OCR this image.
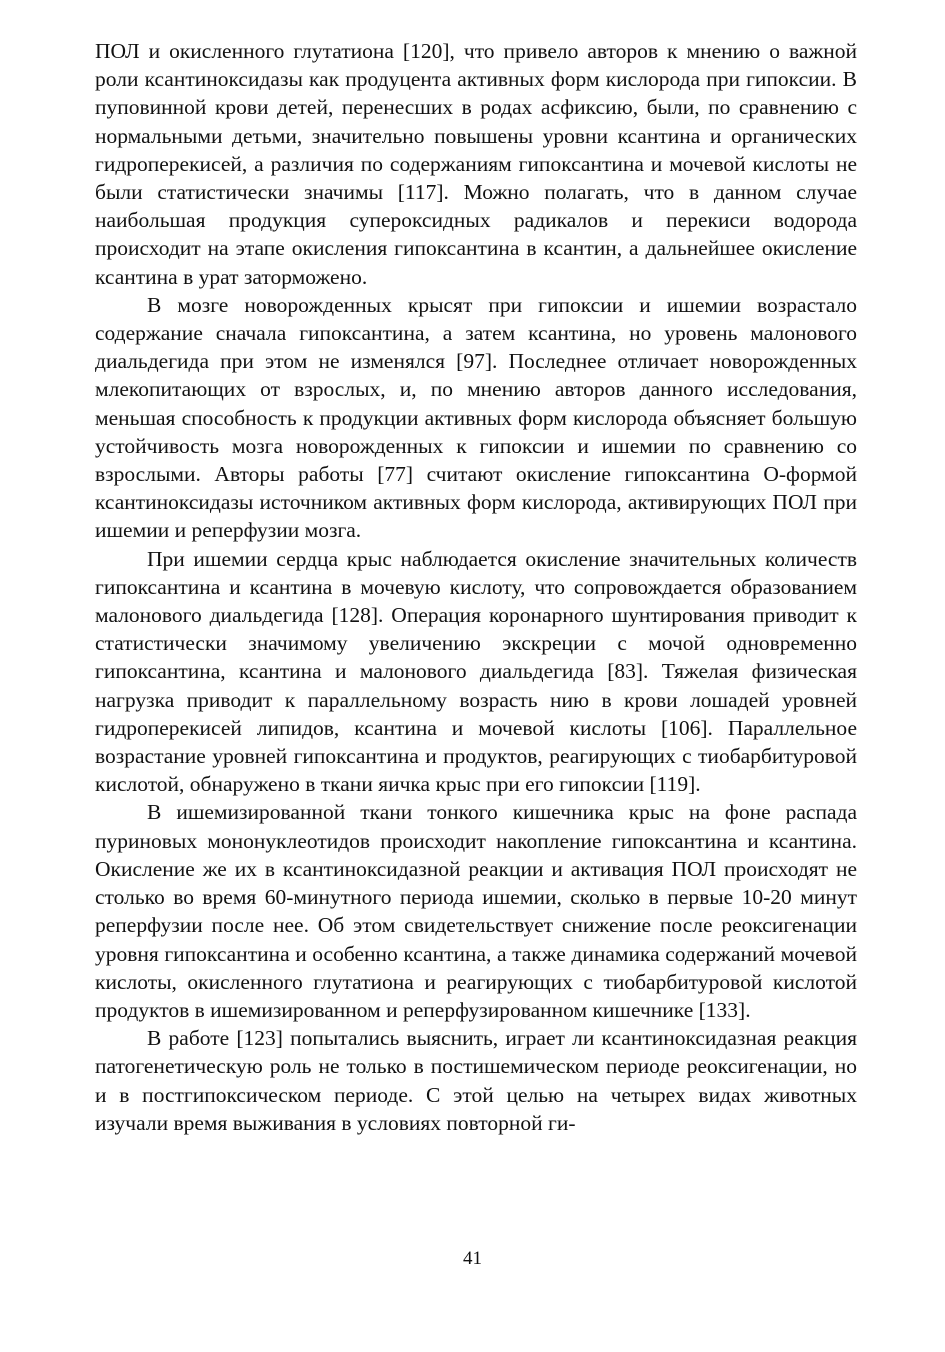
ПОЛ и окисленного глутатиона [120], что привело авторов к мнению о важной роли ксантиноксидазы как продуцента активных форм кислорода при гипоксии. В пуповинной крови детей, перенесших в родах асфиксию, были, по сравнению с нормальными детьми, значительно повышены уровни ксантина и органических гидроперекисей, а различия по содержаниям гипоксантина и мочевой кислоты не были статистически значимы [117]. Можно полагать, что в данном случае наибольшая продукция супероксидных радикалов и перекиси водорода происходит на этапе окисления гипоксантина в ксантин, а дальнейшее окисление ксантина в урат заторможено.

В мозге новорожденных крысят при гипоксии и ишемии возрастало содержание сначала гипоксантина, а затем ксантина, но уровень малонового диальдегида при этом не изменялся [97]. Последнее отличает новорожденных млекопитающих от взрослых, и, по мнению авторов данного исследования, меньшая способность к продукции активных форм кислорода объясняет большую устойчивость мозга новорожденных к гипоксии и ишемии по сравнению со взрослыми. Авторы работы [77] считают окисление гипоксантина О-формой ксантиноксидазы источником активных форм кислорода, активирующих ПОЛ при ишемии и реперфузии мозга.

При ишемии сердца крыс наблюдается окисление значительных количеств гипоксантина и ксантина в мочевую кислоту, что сопровождается образованием малонового диальдегида [128]. Операция коронарного шунтирования приводит к статистически значимому увеличению экскреции с мочой одновременно гипоксантина, ксантина и малонового диальдегида [83]. Тяжелая физическая нагрузка приводит к параллельному возрасть нию в крови лошадей уровней гидроперекисей липидов, ксантина и мочевой кислоты [106]. Параллельное возрастание уровней гипоксантина и продуктов, реагирующих с тиобарбитуровой кислотой, обнаружено в ткани яичка крыс при его гипоксии [119].

В ишемизированной ткани тонкого кишечника крыс на фоне распада пуриновых мононуклеотидов происходит накопление гипоксантина и ксантина. Окисление же их в ксантиноксидазной реакции и активация ПОЛ происходят не столько во время 60-минутного периода ишемии, сколько в первые 10-20 минут реперфузии после нее. Об этом свидетельствует снижение после реоксигенации уровня гипоксантина и особенно ксантина, а также динамика содержаний мочевой кислоты, окисленного глутатиона и реагирующих с тиобарбитуровой кислотой продуктов в ишемизированном и реперфузированном кишечнике [133].

В работе [123] попытались выяснить, играет ли ксантиноксидазная реакция патогенетическую роль не только в постишемическом периоде реоксигенации, но и в постгипоксическом периоде. С этой целью на четырех видах животных изучали время выживания в условиях повторной ги-

41
